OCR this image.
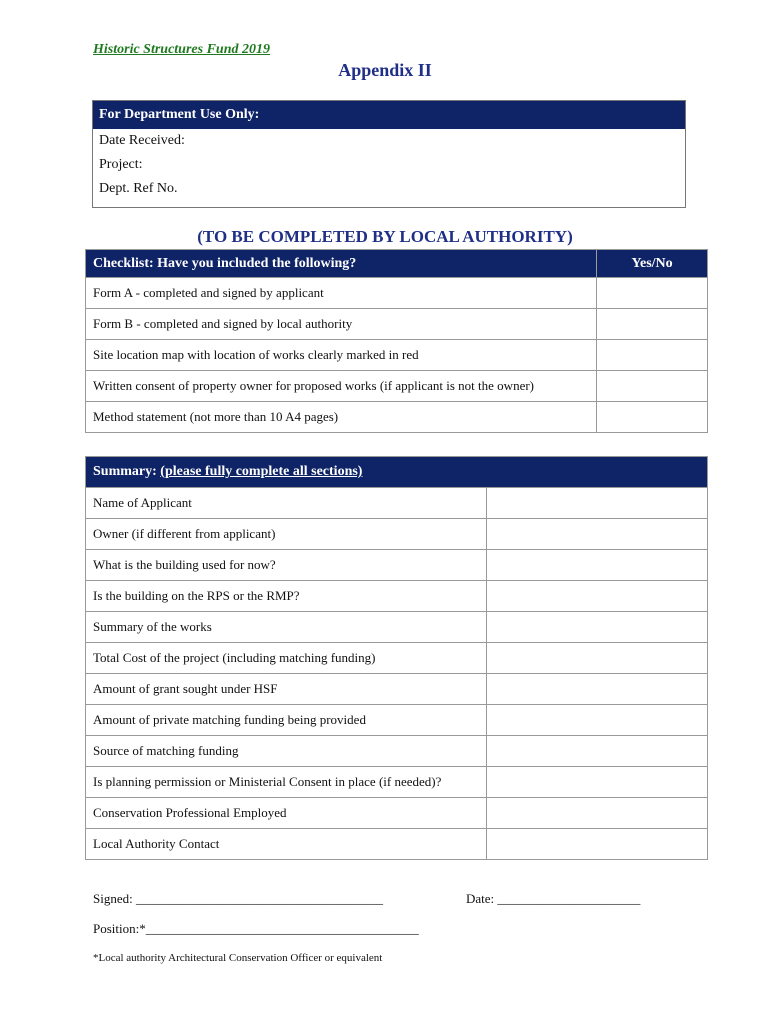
Historic Structures Fund 2019
Appendix II
For Department Use Only:
Date Received:
Project:
Dept. Ref No.
(TO BE COMPLETED BY LOCAL AUTHORITY)
Checklist: Have you included the following?	Yes/No
Form A - completed and signed by applicant	
Form B - completed and signed by local authority	
Site location map with location of works clearly marked in red	
Written consent of property owner for proposed works (if applicant is not the owner)	
Method statement (not more than 10 A4 pages)	
Summary: (please fully complete all sections)	
Name of Applicant	
Owner (if different from applicant)	
What is the building used for now?	
Is the building on the RPS or the RMP?	
Summary of the works	
Total Cost of the project (including matching funding)	
Amount of grant sought under HSF	
Amount of private matching funding being provided	
Source of matching funding	
Is planning permission or Ministerial Consent in place (if needed)?	
Conservation Professional Employed	
Local Authority Contact	
Signed: ______________________________________	Date: ______________________
Position:*__________________________________________
*Local authority Architectural Conservation Officer or equivalent
